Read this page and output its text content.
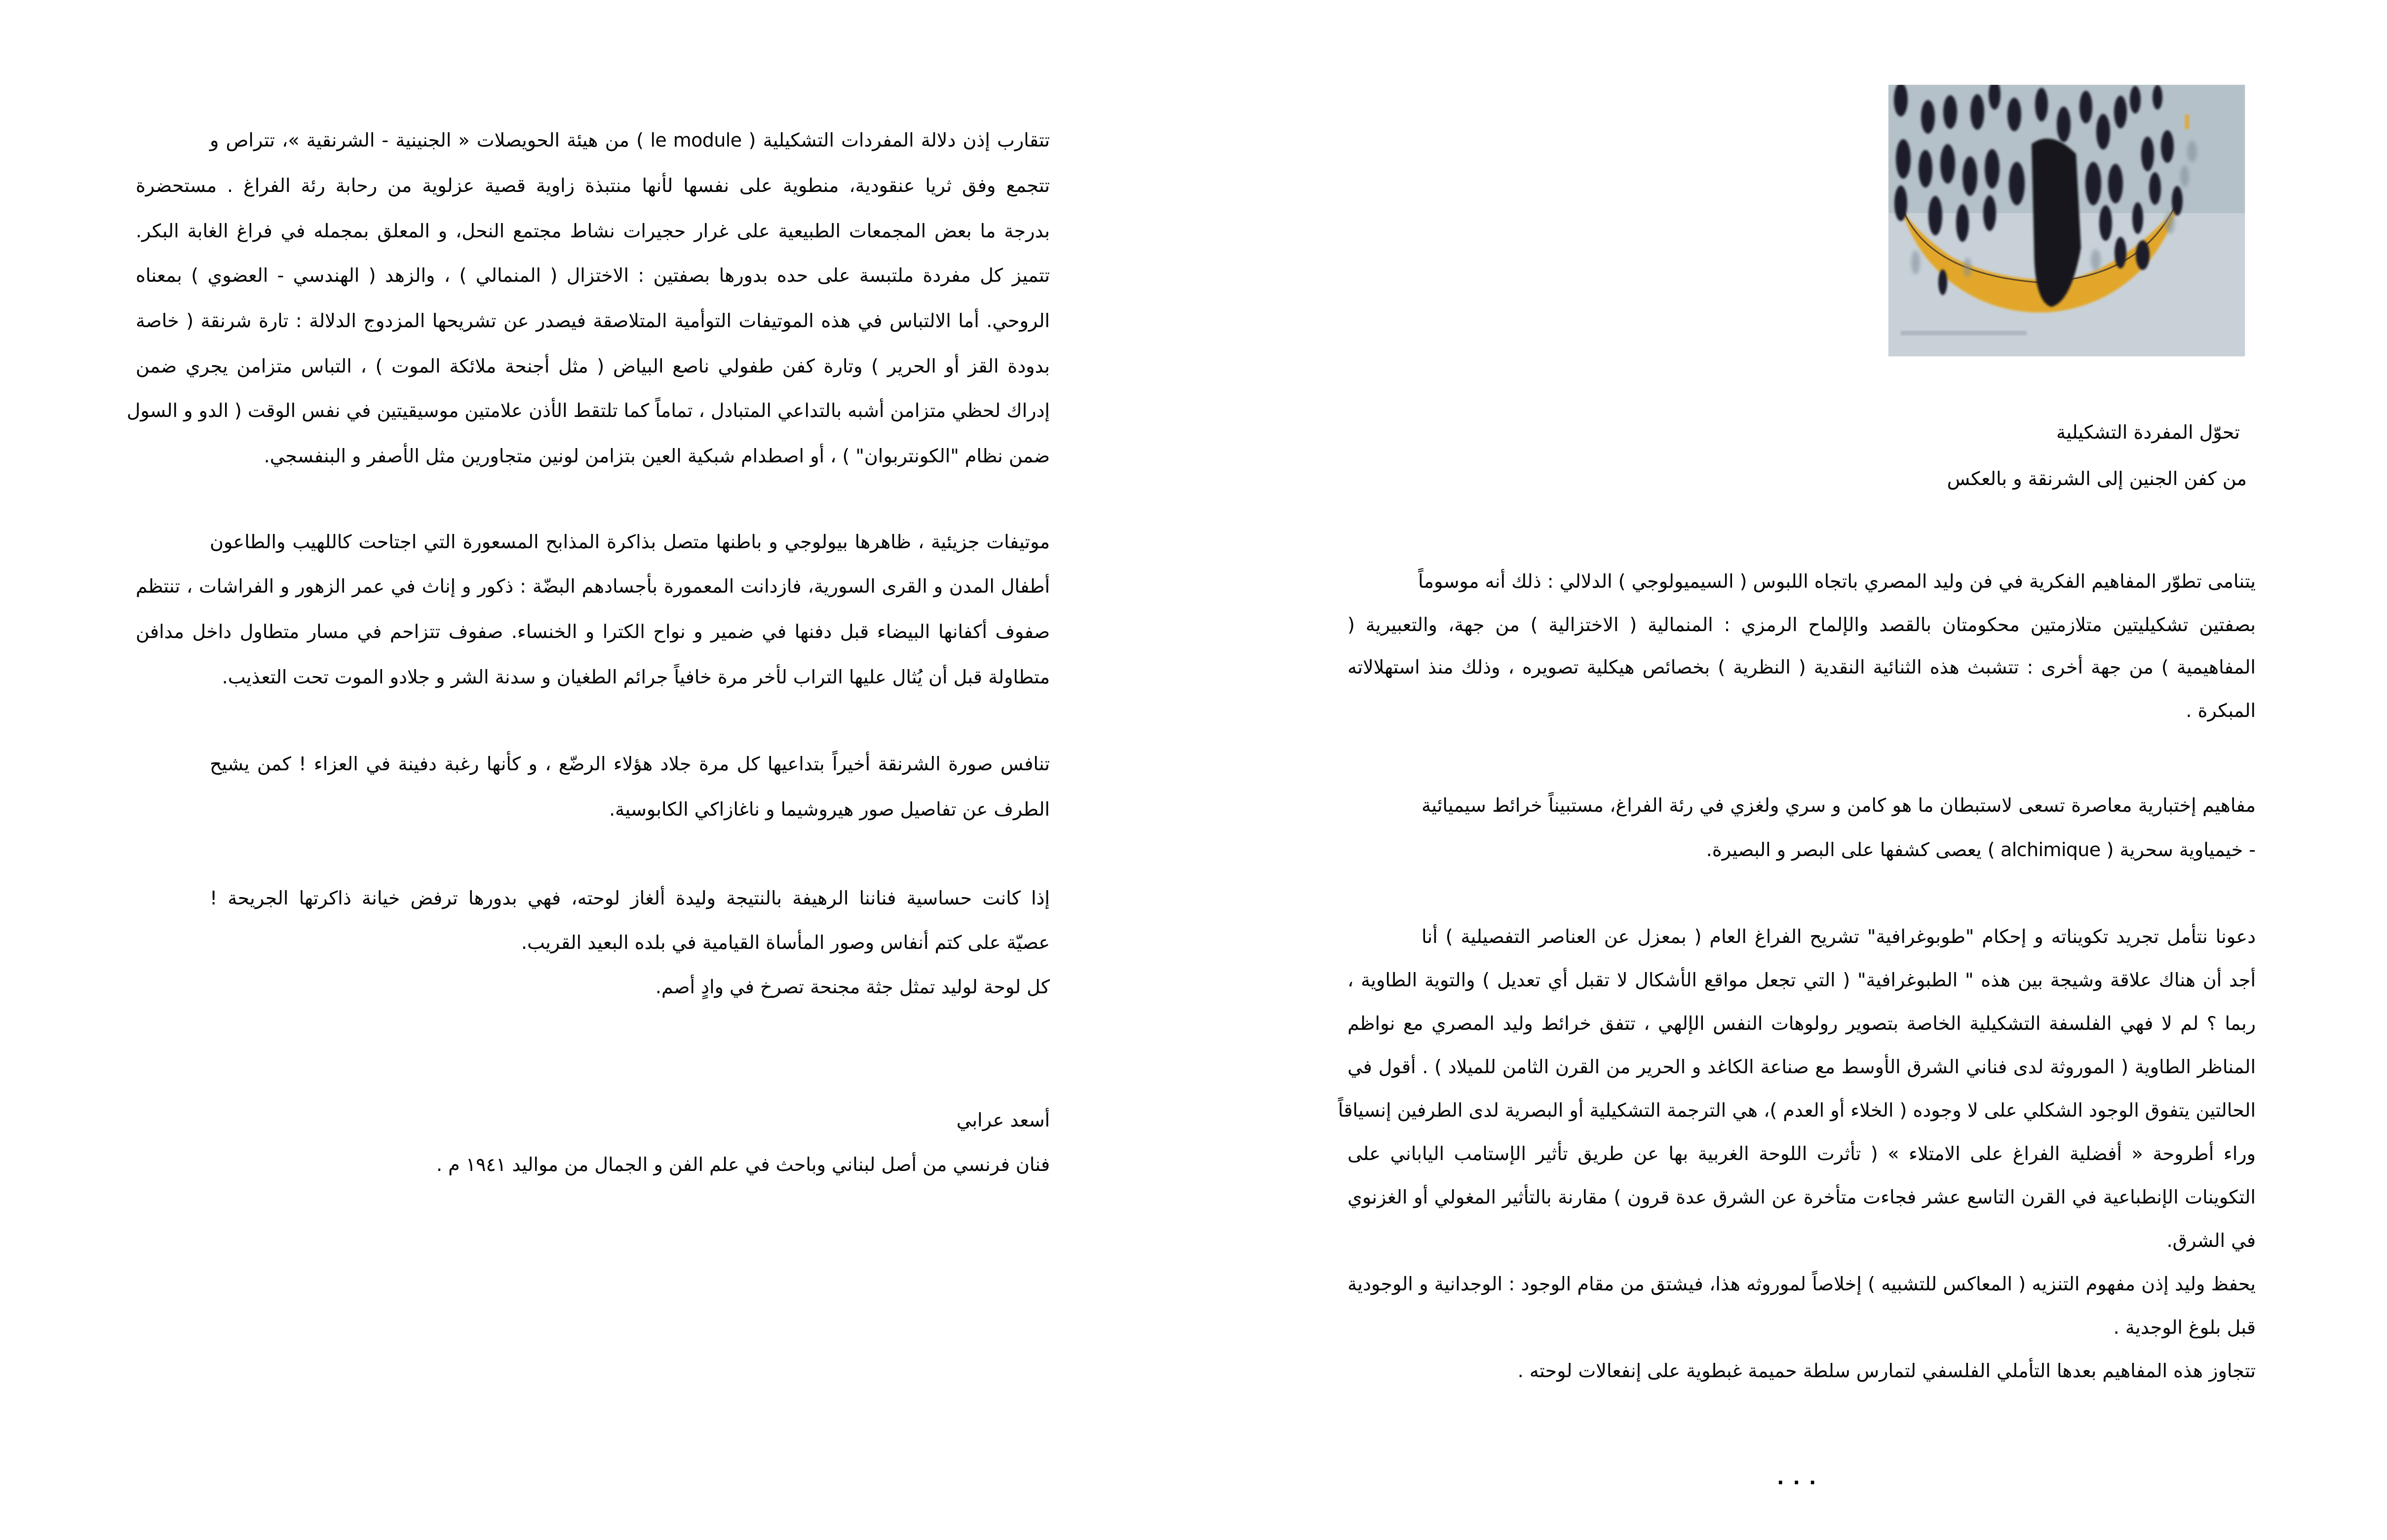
تتقارب إذن دلالة المفردات التشكيلية ( le module ) من هيئة الحويصلات « الجنينية - الشرنقية »، تتراص و
تتجمع وفق ثريا عنقودية، منطوية على نفسها لأنها منتبذة زاوية قصية عزلوية من رحابة رئة الفراغ . مستحضرة
بدرجة ما بعض المجمعات الطبيعية على غرار حجيرات نشاط مجتمع النحل، و المعلق بمجمله في فراغ الغابة البكر.
تتميز كل مفردة ملتبسة على حده بدورها بصفتين : الاختزال ( المنمالي ) ، والزهد ( الهندسي - العضوي ) بمعناه
الروحي. أما الالتباس في هذه الموتيفات التوأمية المتلاصقة فيصدر عن تشريحها المزدوج الدلالة : تارة شرنقة ( خاصة
بدودة القز أو الحرير ) وتارة كفن طفولي ناصع البياض ( مثل أجنحة ملائكة الموت ) ، التباس متزامن يجري ضمن
إدراك لحظي متزامن أشبه بالتداعي المتبادل ، تماماً كما تلتقط الأذن علامتين موسيقيتين في نفس الوقت ( الدو و السول
ضمن نظام "الكونتربوان" ) ، أو اصطدام شبكية العين بتزامن لونين متجاورين مثل الأصفر و البنفسجي.
موتيفات جزيئية ، ظاهرها بيولوجي و باطنها متصل بذاكرة المذابح المسعورة التي اجتاحت كاللهيب والطاعون
أطفال المدن و القرى السورية، فازدانت المعمورة بأجسادهم البضّة : ذكور و إناث في عمر الزهور و الفراشات ، تنتظم
صفوف أكفانها البيضاء قبل دفنها في ضمير و نواح الكترا و الخنساء. صفوف تتزاحم في مسار متطاول داخل مدافن
متطاولة قبل أن يُثال عليها التراب لأخر مرة خافياً جرائم الطغيان و سدنة الشر و جلادو الموت تحت التعذيب.
تنافس صورة الشرنقة أخيراً بتداعيها كل مرة جلاد هؤلاء الرضّع ، و كأنها رغبة دفينة في العزاء ! كمن يشيح
الطرف عن تفاصيل صور هيروشيما و ناغازاكي الكابوسية.
إذا كانت حساسية فناننا الرهيفة بالنتيجة وليدة ألغاز لوحته، فهي بدورها ترفض خيانة ذاكرتها الجريحة !
عصيّة على كتم أنفاس وصور المأساة القيامية في بلده البعيد القريب.
كل لوحة لوليد تمثل جثة مجنحة تصرخ في وادٍ أصم.
أسعد عرابي
فنان فرنسي من أصل لبناني وباحث في علم الفن و الجمال من مواليد ١٩٤١ م .
تحوّل المفردة التشكيلية
من كفن الجنين إلى الشرنقة و بالعكس
يتنامى تطوّر المفاهيم الفكرية في فن وليد المصري باتجاه اللبوس ( السيميولوجي ) الدلالي : ذلك أنه موسوماً
بصفتين تشكيليتين متلازمتين محكومتان بالقصد والإلماح الرمزي : المنمالية ( الاختزالية ) من جهة، والتعبيرية (
المفاهيمية ) من جهة أخرى : تتشبث هذه الثنائية النقدية ( النظرية ) بخصائص هيكلية تصويره ، وذلك منذ استهلالاته
المبكرة .
مفاهيم إختبارية معاصرة تسعى لاستبطان ما هو كامن و سري ولغزي في رئة الفراغ، مستبيناً خرائط سيميائية
- خيمياوية سحرية ( alchimique ) يعصى كشفها على البصر و البصيرة.
دعونا نتأمل تجريد تكويناته و إحكام "طوبوغرافية" تشريح الفراغ العام ( بمعزل عن العناصر التفصيلية ) أنا
أجد أن هناك علاقة وشيجة بين هذه " الطبوغرافية" ( التي تجعل مواقع الأشكال لا تقبل أي تعديل ) والتوية الطاوية ،
ربما ؟ لم لا فهي الفلسفة التشكيلية الخاصة بتصوير رولوهات النفس الإلهي ، تتفق خرائط وليد المصري مع نواظم
المناظر الطاوية ( الموروثة لدى فناني الشرق الأوسط مع صناعة الكاغد و الحرير من القرن الثامن للميلاد ) . أقول في
الحالتين يتفوق الوجود الشكلي على لا وجوده ( الخلاء أو العدم )، هي الترجمة التشكيلية أو البصرية لدى الطرفين إنسياقاً
وراء أطروحة « أفضلية الفراغ على الامتلاء » ( تأثرت اللوحة الغربية بها عن طريق تأثير الإستامب الياباني على
التكوينات الإنطباعية في القرن التاسع عشر فجاءت متأخرة عن الشرق عدة قرون ) مقارنة بالتأثير المغولي أو الغزنوي
في الشرق.
يحفظ وليد إذن مفهوم التنزيه ( المعاكس للتشبيه ) إخلاصاً لموروثه هذا، فيشتق من مقام الوجود : الوجدانية و الوجودية
قبل بلوغ الوجدية .
تتجاوز هذه المفاهيم بعدها التأملي الفلسفي لتمارس سلطة حميمة غبطوية على إنفعالات لوحته .
...
